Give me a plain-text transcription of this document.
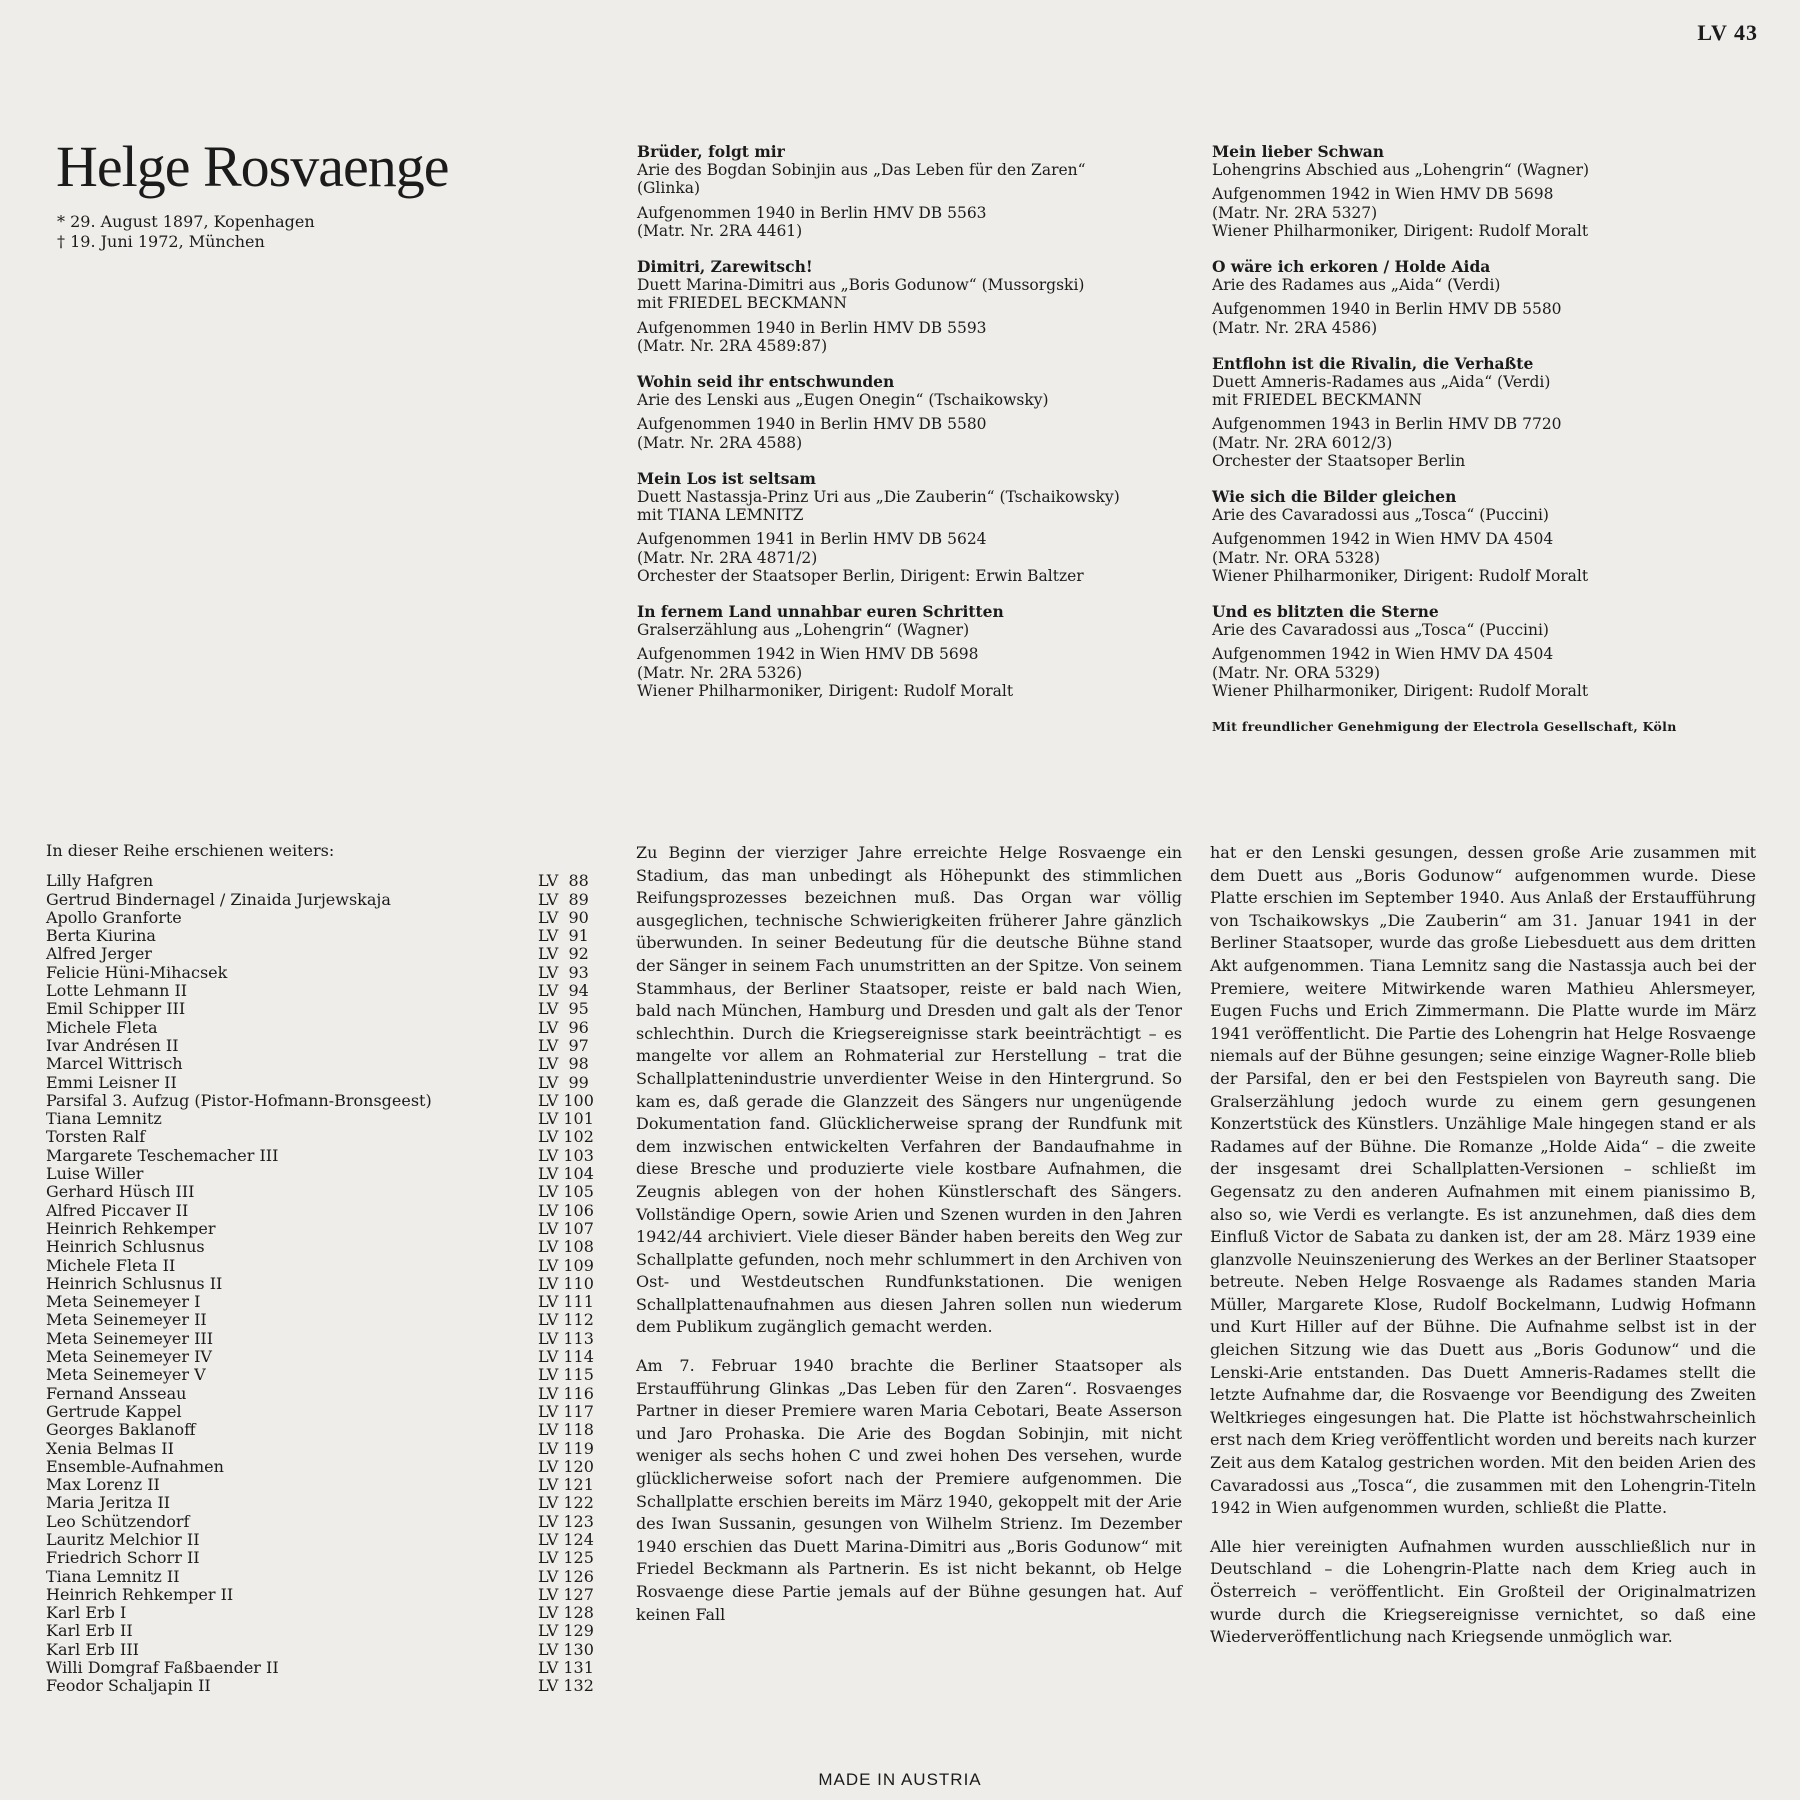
LV 43
Helge Rosvaenge
* 29. August 1897, Kopenhagen
† 19. Juni 1972, München
Brüder, folgt mir
Arie des Bogdan Sobinjin aus „Das Leben für den Zaren“
(Glinka)
Aufgenommen 1940 in Berlin HMV DB 5563
(Matr. Nr. 2RA 4461)
Dimitri, Zarewitsch!
Duett Marina-Dimitri aus „Boris Godunow“ (Mussorgski)
mit FRIEDEL BECKMANN
Aufgenommen 1940 in Berlin HMV DB 5593
(Matr. Nr. 2RA 4589:87)
Wohin seid ihr entschwunden
Arie des Lenski aus „Eugen Onegin“ (Tschaikowsky)
Aufgenommen 1940 in Berlin HMV DB 5580
(Matr. Nr. 2RA 4588)
Mein Los ist seltsam
Duett Nastassja-Prinz Uri aus „Die Zauberin“ (Tschaikowsky)
mit TIANA LEMNITZ
Aufgenommen 1941 in Berlin HMV DB 5624
(Matr. Nr. 2RA 4871/2)
Orchester der Staatsoper Berlin, Dirigent: Erwin Baltzer
In fernem Land unnahbar euren Schritten
Gralserzählung aus „Lohengrin“ (Wagner)
Aufgenommen 1942 in Wien HMV DB 5698
(Matr. Nr. 2RA 5326)
Wiener Philharmoniker, Dirigent: Rudolf Moralt
Mein lieber Schwan
Lohengrins Abschied aus „Lohengrin“ (Wagner)
Aufgenommen 1942 in Wien HMV DB 5698
(Matr. Nr. 2RA 5327)
Wiener Philharmoniker, Dirigent: Rudolf Moralt
O wäre ich erkoren / Holde Aida
Arie des Radames aus „Aida“ (Verdi)
Aufgenommen 1940 in Berlin HMV DB 5580
(Matr. Nr. 2RA 4586)
Entflohn ist die Rivalin, die Verhaßte
Duett Amneris-Radames aus „Aida“ (Verdi)
mit FRIEDEL BECKMANN
Aufgenommen 1943 in Berlin HMV DB 7720
(Matr. Nr. 2RA 6012/3)
Orchester der Staatsoper Berlin
Wie sich die Bilder gleichen
Arie des Cavaradossi aus „Tosca“ (Puccini)
Aufgenommen 1942 in Wien HMV DA 4504
(Matr. Nr. ORA 5328)
Wiener Philharmoniker, Dirigent: Rudolf Moralt
Und es blitzten die Sterne
Arie des Cavaradossi aus „Tosca“ (Puccini)
Aufgenommen 1942 in Wien HMV DA 4504
(Matr. Nr. ORA 5329)
Wiener Philharmoniker, Dirigent: Rudolf Moralt
Mit freundlicher Genehmigung der Electrola Gesellschaft, Köln
In dieser Reihe erschienen weiters:
Lilly Hafgren	LV  88
Gertrud Bindernagel / Zinaida Jurjewskaja	LV  89
Apollo Granforte	LV  90
Berta Kiurina	LV  91
Alfred Jerger	LV  92
Felicie Hüni-Mihacsek	LV  93
Lotte Lehmann II	LV  94
Emil Schipper III	LV  95
Michele Fleta	LV  96
Ivar Andrésen II	LV  97
Marcel Wittrisch	LV  98
Emmi Leisner II	LV  99
Parsifal 3. Aufzug (Pistor-Hofmann-Bronsgeest)	LV 100
Tiana Lemnitz	LV 101
Torsten Ralf	LV 102
Margarete Teschemacher III	LV 103
Luise Willer	LV 104
Gerhard Hüsch III	LV 105
Alfred Piccaver II	LV 106
Heinrich Rehkemper	LV 107
Heinrich Schlusnus	LV 108
Michele Fleta II	LV 109
Heinrich Schlusnus II	LV 110
Meta Seinemeyer I	LV 111
Meta Seinemeyer II	LV 112
Meta Seinemeyer III	LV 113
Meta Seinemeyer IV	LV 114
Meta Seinemeyer V	LV 115
Fernand Ansseau	LV 116
Gertrude Kappel	LV 117
Georges Baklanoff	LV 118
Xenia Belmas II	LV 119
Ensemble-Aufnahmen	LV 120
Max Lorenz II	LV 121
Maria Jeritza II	LV 122
Leo Schützendorf	LV 123
Lauritz Melchior II	LV 124
Friedrich Schorr II	LV 125
Tiana Lemnitz II	LV 126
Heinrich Rehkemper II	LV 127
Karl Erb I	LV 128
Karl Erb II	LV 129
Karl Erb III	LV 130
Willi Domgraf Faßbaender II	LV 131
Feodor Schaljapin II	LV 132

Zu Beginn der vierziger Jahre erreichte Helge Rosvaenge ein Stadium, das man unbedingt als Höhepunkt des stimmlichen Reifungsprozesses bezeichnen muß. Das Organ war völlig ausgeglichen, technische Schwierigkeiten früherer Jahre gänzlich überwunden. In seiner Bedeutung für die deutsche Bühne stand der Sänger in seinem Fach unumstritten an der Spitze. Von seinem Stammhaus, der Berliner Staatsoper, reiste er bald nach Wien, bald nach München, Hamburg und Dresden und galt als der Tenor schlechthin. Durch die Kriegsereignisse stark beeinträchtigt – es mangelte vor allem an Rohmaterial zur Herstellung – trat die Schallplattenindustrie unverdienter Weise in den Hintergrund. So kam es, daß gerade die Glanzzeit des Sängers nur ungenügende Dokumentation fand. Glücklicherweise sprang der Rundfunk mit dem inzwischen entwickelten Verfahren der Bandaufnahme in diese Bresche und produzierte viele kostbare Aufnahmen, die Zeugnis ablegen von der hohen Künstlerschaft des Sängers. Vollständige Opern, sowie Arien und Szenen wurden in den Jahren 1942/44 archiviert. Viele dieser Bänder haben bereits den Weg zur Schallplatte gefunden, noch mehr schlummert in den Archiven von Ost- und Westdeutschen Rundfunkstationen. Die wenigen Schallplattenaufnahmen aus diesen Jahren sollen nun wiederum dem Publikum zugänglich gemacht werden.

Am 7. Februar 1940 brachte die Berliner Staatsoper als Erstaufführung Glinkas „Das Leben für den Zaren“. Rosvaenges Partner in dieser Premiere waren Maria Cebotari, Beate Asserson und Jaro Prohaska. Die Arie des Bogdan Sobinjin, mit nicht weniger als sechs hohen C und zwei hohen Des versehen, wurde glücklicherweise sofort nach der Premiere aufgenommen. Die Schallplatte erschien bereits im März 1940, gekoppelt mit der Arie des Iwan Sussanin, gesungen von Wilhelm Strienz. Im Dezember 1940 erschien das Duett Marina-Dimitri aus „Boris Godunow“ mit Friedel Beckmann als Partnerin. Es ist nicht bekannt, ob Helge Rosvaenge diese Partie jemals auf der Bühne gesungen hat. Auf keinen Fall

hat er den Lenski gesungen, dessen große Arie zusammen mit dem Duett aus „Boris Godunow“ aufgenommen wurde. Diese Platte erschien im September 1940. Aus Anlaß der Erstaufführung von Tschaikowskys „Die Zauberin“ am 31. Januar 1941 in der Berliner Staatsoper, wurde das große Liebesduett aus dem dritten Akt aufgenommen. Tiana Lemnitz sang die Nastassja auch bei der Premiere, weitere Mitwirkende waren Mathieu Ahlersmeyer, Eugen Fuchs und Erich Zimmermann. Die Platte wurde im März 1941 veröffentlicht. Die Partie des Lohengrin hat Helge Rosvaenge niemals auf der Bühne gesungen; seine einzige Wagner-Rolle blieb der Parsifal, den er bei den Festspielen von Bayreuth sang. Die Gralserzählung jedoch wurde zu einem gern gesungenen Konzertstück des Künstlers. Unzählige Male hingegen stand er als Radames auf der Bühne. Die Romanze „Holde Aida“ – die zweite der insgesamt drei Schallplatten-Versionen – schließt im Gegensatz zu den anderen Aufnahmen mit einem pianissimo B, also so, wie Verdi es verlangte. Es ist anzunehmen, daß dies dem Einfluß Victor de Sabata zu danken ist, der am 28. März 1939 eine glanzvolle Neuinszenierung des Werkes an der Berliner Staatsoper betreute. Neben Helge Rosvaenge als Radames standen Maria Müller, Margarete Klose, Rudolf Bockelmann, Ludwig Hofmann und Kurt Hiller auf der Bühne. Die Aufnahme selbst ist in der gleichen Sitzung wie das Duett aus „Boris Godunow“ und die Lenski-Arie entstanden. Das Duett Amneris-Radames stellt die letzte Aufnahme dar, die Rosvaenge vor Beendigung des Zweiten Weltkrieges eingesungen hat. Die Platte ist höchstwahrscheinlich erst nach dem Krieg veröffentlicht worden und bereits nach kurzer Zeit aus dem Katalog gestrichen worden. Mit den beiden Arien des Cavaradossi aus „Tosca“, die zusammen mit den Lohengrin-Titeln 1942 in Wien aufgenommen wurden, schließt die Platte.

Alle hier vereinigten Aufnahmen wurden ausschließlich nur in Deutschland – die Lohengrin-Platte nach dem Krieg auch in Österreich – veröffentlicht. Ein Großteil der Originalmatrizen wurde durch die Kriegsereignisse vernichtet, so daß eine Wiederveröffentlichung nach Kriegsende unmöglich war.

MADE IN AUSTRIA
